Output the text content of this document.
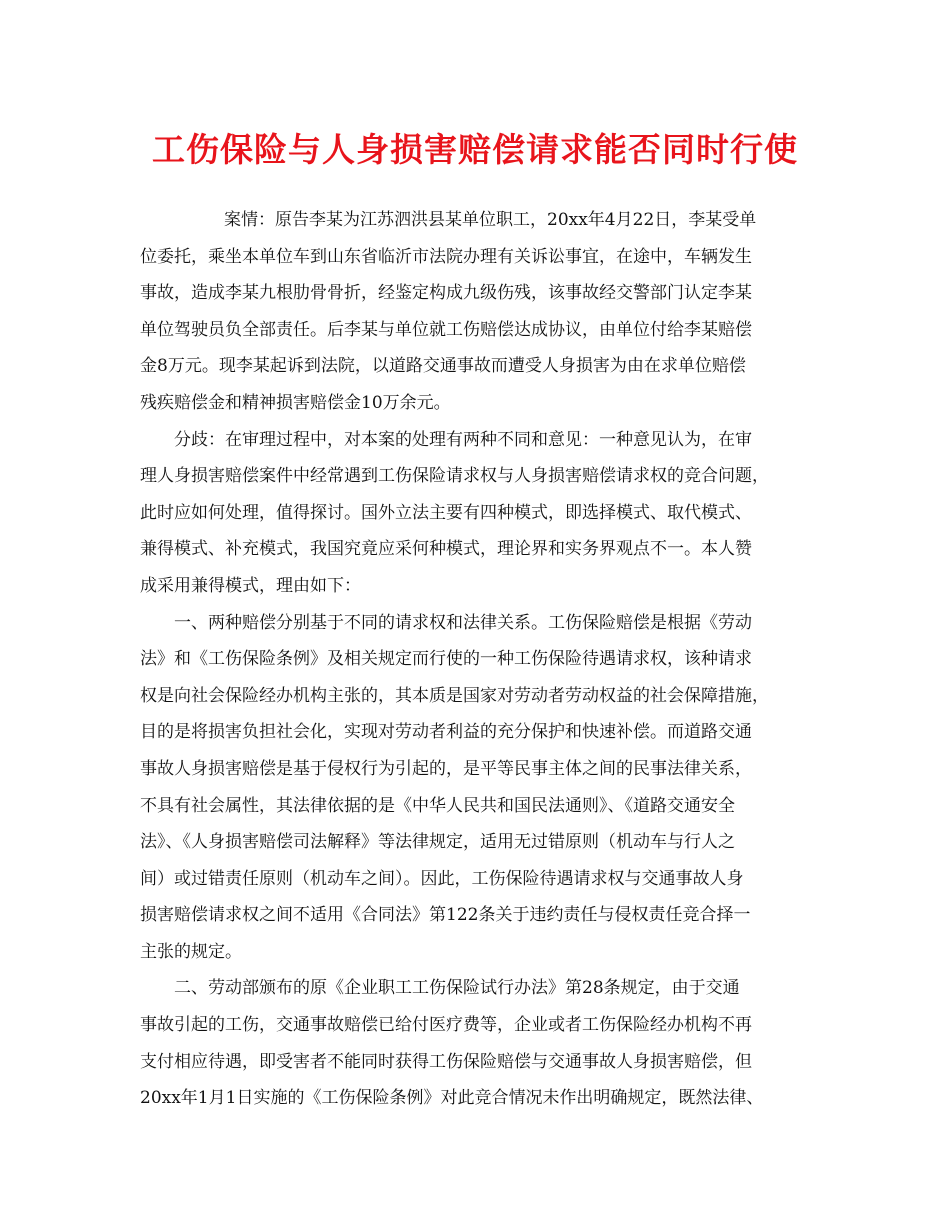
工伤保险与人身损害赔偿请求能否同时行使
案情：原告李某为江苏泗洪县某单位职工，20xx年4月22日，李某受单
位委托，乘坐本单位车到山东省临沂市法院办理有关诉讼事宜，在途中，车辆发生
事故，造成李某九根肋骨骨折，经鉴定构成九级伤残，该事故经交警部门认定李某
单位驾驶员负全部责任。后李某与单位就工伤赔偿达成协议，由单位付给李某赔偿
金8万元。现李某起诉到法院，以道路交通事故而遭受人身损害为由在求单位赔偿
残疾赔偿金和精神损害赔偿金10万余元。
分歧：在审理过程中，对本案的处理有两种不同和意见：一种意见认为，在审
理人身损害赔偿案件中经常遇到工伤保险请求权与人身损害赔偿请求权的竞合问题，
此时应如何处理，值得探讨。国外立法主要有四种模式，即选择模式、取代模式、
兼得模式、补充模式，我国究竟应采何种模式，理论界和实务界观点不一。本人赞
成采用兼得模式，理由如下：
一、两种赔偿分别基于不同的请求权和法律关系。工伤保险赔偿是根据《劳动
法》和《工伤保险条例》及相关规定而行使的一种工伤保险待遇请求权，该种请求
权是向社会保险经办机构主张的，其本质是国家对劳动者劳动权益的社会保障措施，
目的是将损害负担社会化，实现对劳动者利益的充分保护和快速补偿。而道路交通
事故人身损害赔偿是基于侵权行为引起的，是平等民事主体之间的民事法律关系，
不具有社会属性，其法律依据的是《中华人民共和国民法通则》、《道路交通安全
法》、《人身损害赔偿司法解释》等法律规定，适用无过错原则（机动车与行人之
间）或过错责任原则（机动车之间）。因此，工伤保险待遇请求权与交通事故人身
损害赔偿请求权之间不适用《合同法》第122条关于违约责任与侵权责任竞合择一
主张的规定。
二、劳动部颁布的原《企业职工工伤保险试行办法》第28条规定，由于交通
事故引起的工伤，交通事故赔偿已给付医疗费等，企业或者工伤保险经办机构不再
支付相应待遇，即受害者不能同时获得工伤保险赔偿与交通事故人身损害赔偿，但
20xx年1月1日实施的《工伤保险条例》对此竞合情况未作出明确规定，既然法律、
